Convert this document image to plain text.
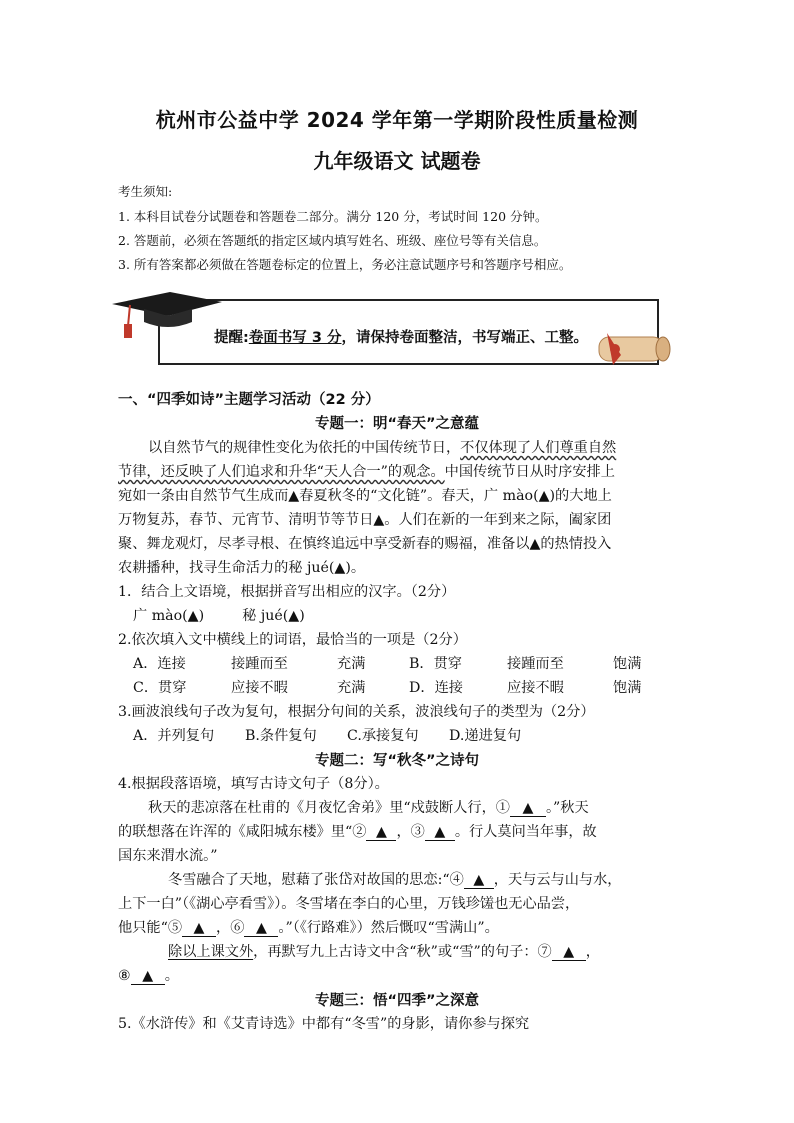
杭州市公益中学 2024 学年第一学期阶段性质量检测
九年级语文 试题卷
考生须知:
1. 本科目试卷分试题卷和答题卷二部分。满分 120 分，考试时间 120 分钟。
2. 答题前，必须在答题纸的指定区域内填写姓名、班级、座位号等有关信息。
3. 所有答案都必须做在答题卷标定的位置上，务必注意试题序号和答题序号相应。
提醒:卷面书写 3 分，请保持卷面整洁，书写端正、工整。
一、“四季如诗”主题学习活动（22 分）
专题一：明“春天”之意蕴
以自然节气的规律性变化为依托的中国传统节日，不仅体现了人们尊重自然
节律，还反映了人们追求和升华“天人合一”的观念。中国传统节日从时序安排上
宛如一条由自然节气生成而▲春夏秋冬的“文化链”。春天，广 mào(▲)的大地上
万物复苏，春节、元宵节、清明节等节日▲。人们在新的一年到来之际，阖家团
聚、舞龙观灯，尽孝寻根、在慎终追远中享受新春的赐福，准备以▲的热情投入
农耕播种，找寻生命活力的秘 jué(▲)。
1．结合上文语境，根据拼音写出相应的汉字。（2分）
广 mào(▲)	秘 jué(▲)
2.依次填入文中横线上的词语，最恰当的一项是（2分）
A．连接	接踵而至	充满	B．贯穿	接踵而至	饱满
C．贯穿	应接不暇	充满	D．连接	应接不暇	饱满
3.画波浪线句子改为复句，根据分句间的关系，波浪线句子的类型为（2分）
A．并列复句 B.条件复句 C.承接复句 D.递进复句
专题二：写“秋冬”之诗句
4.根据段落语境，填写古诗文句子（8分）。
秋天的悲凉落在杜甫的《月夜忆舍弟》里“戍鼓断人行，① ▲ 。”秋天
的联想落在许浑的《咸阳城东楼》里“② ▲ ，③ ▲ 。行人莫问当年事，故
国东来渭水流。”
冬雪融合了天地，慰藉了张岱对故国的思恋:“④ ▲ ，天与云与山与水，
上下一白”（《湖心亭看雪》）。冬雪堵在李白的心里，万钱珍馐也无心品尝，
他只能“⑤ ▲ ，⑥ ▲ 。”（《行路难》）然后慨叹“雪满山”。
除以上课文外，再默写九上古诗文中含“秋”或“雪”的句子：⑦ ▲ ，
⑧ ▲ 。
专题三：悟“四季”之深意
5.《水浒传》和《艾青诗选》中都有“冬雪”的身影，请你参与探究
